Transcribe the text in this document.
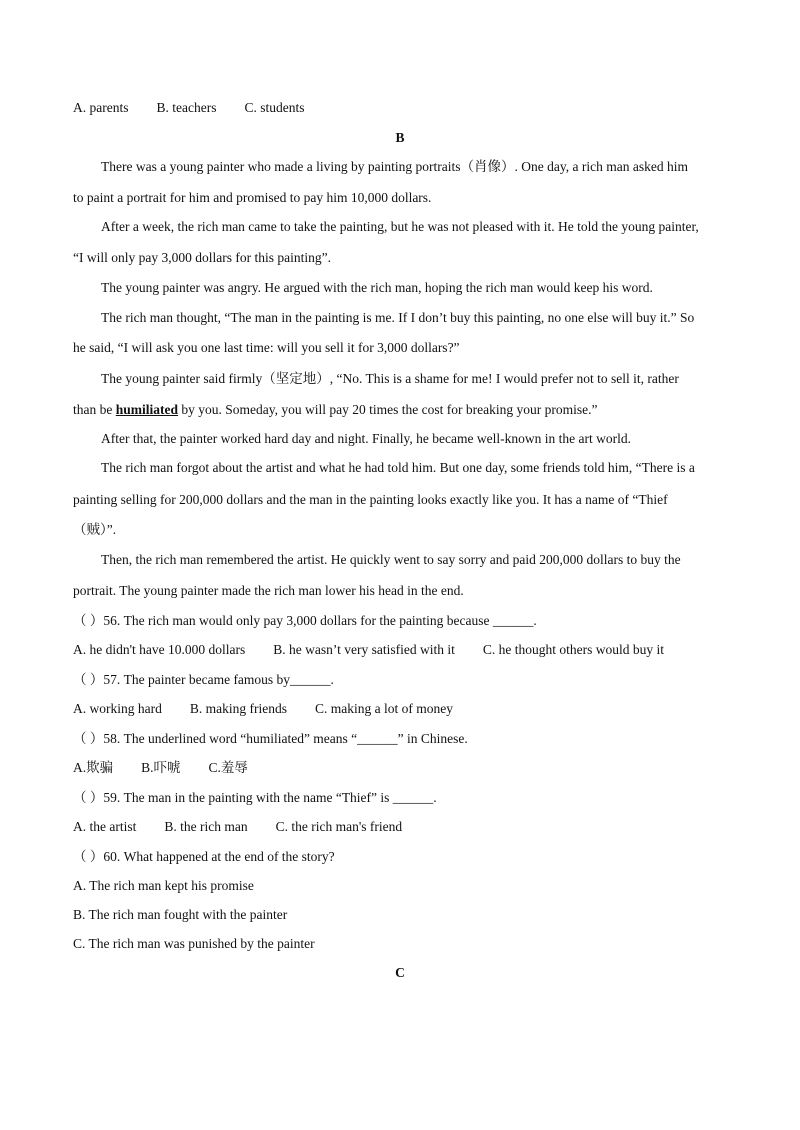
A. parents B. teachers C. students
B
There was a young painter who made a living by painting portraits（肖像）. One day, a rich man asked him
to paint a portrait for him and promised to pay him 10,000 dollars.
After a week, the rich man came to take the painting, but he was not pleased with it. He told the young painter,
“I will only pay 3,000 dollars for this painting”.
The young painter was angry. He argued with the rich man, hoping the rich man would keep his word.
The rich man thought, “The man in the painting is me. If I don’t buy this painting, no one else will buy it.” So
he said, “I will ask you one last time: will you sell it for 3,000 dollars?”
The young painter said firmly（坚定地）, “No. This is a shame for me! I would prefer not to sell it, rather
than be humiliated by you. Someday, you will pay 20 times the cost for breaking your promise.”
After that, the painter worked hard day and night. Finally, he became well-known in the art world.
The rich man forgot about the artist and what he had told him. But one day, some friends told him, “There is a
painting selling for 200,000 dollars and the man in the painting looks exactly like you. It has a name of “Thief
（贼）”.
Then, the rich man remembered the artist. He quickly went to say sorry and paid 200,000 dollars to buy the
portrait. The young painter made the rich man lower his head in the end.
（ ）56. The rich man would only pay 3,000 dollars for the painting because ______.
A. he didn't have 10.000 dollars B. he wasn’t very satisfied with it C. he thought others would buy it
（ ）57. The painter became famous by______.
A. working hard B. making friends C. making a lot of money
（ ）58. The underlined word “humiliated” means “______” in Chinese.
A.欺骗 B.吓唬 C.羞辱
（ ）59. The man in the painting with the name “Thief” is ______.
A. the artist B. the rich man C. the rich man's friend
（ ）60. What happened at the end of the story?
A. The rich man kept his promise
B. The rich man fought with the painter
C. The rich man was punished by the painter
C
